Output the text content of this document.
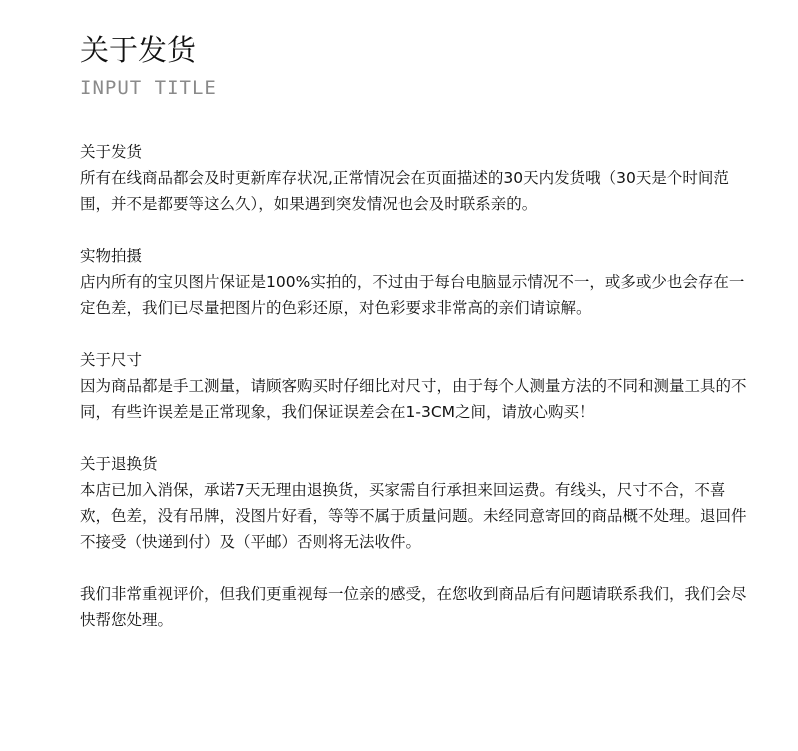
关于发货
INPUT TITLE
关于发货
所有在线商品都会及时更新库存状况,正常情况会在页面描述的30天内发货哦（30天是个时间范围，并不是都要等这么久），如果遇到突发情况也会及时联系亲的。
实物拍摄
店内所有的宝贝图片保证是100%实拍的，不过由于每台电脑显示情况不一，或多或少也会存在一定色差，我们已尽量把图片的色彩还原，对色彩要求非常高的亲们请谅解。
关于尺寸
因为商品都是手工测量，请顾客购买时仔细比对尺寸，由于每个人测量方法的不同和测量工具的不同，有些许误差是正常现象，我们保证误差会在1-3CM之间，请放心购买！
关于退换货
本店已加入消保，承诺7天无理由退换货，买家需自行承担来回运费。有线头，尺寸不合，不喜欢，色差，没有吊牌，没图片好看，等等不属于质量问题。未经同意寄回的商品概不处理。退回件不接受（快递到付）及（平邮）否则将无法收件。
我们非常重视评价，但我们更重视每一位亲的感受，在您收到商品后有问题请联系我们，我们会尽快帮您处理。
